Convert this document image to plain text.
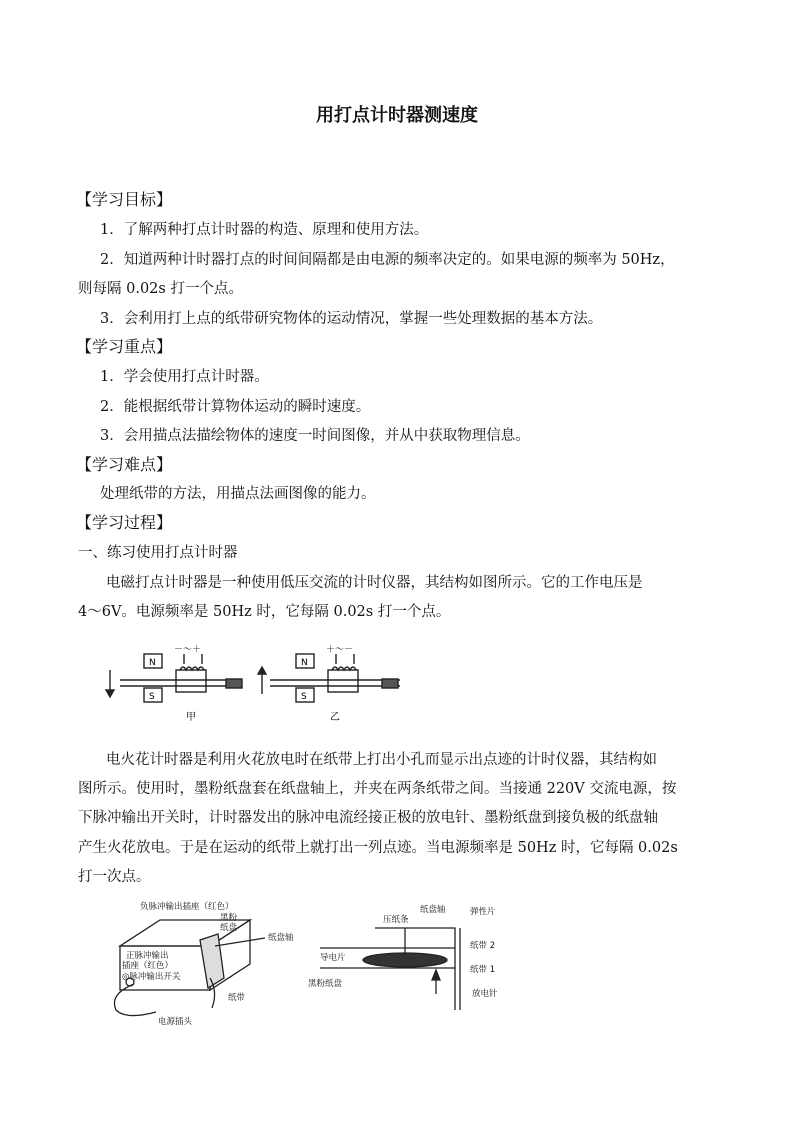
用打点计时器测速度
【学习目标】
1．了解两种打点计时器的构造、原理和使用方法。
2．知道两种计时器打点的时间间隔都是由电源的频率决定的。如果电源的频率为 50Hz，
则每隔 0.02s 打一个点。
3．会利用打上点的纸带研究物体的运动情况，掌握一些处理数据的基本方法。
【学习重点】
1．学会使用打点计时器。
2．能根据纸带计算物体运动的瞬时速度。
3．会用描点法描绘物体的速度一时间图像，并从中获取物理信息。
【学习难点】
处理纸带的方法，用描点法画图像的能力。
【学习过程】
一、练习使用打点计时器
电磁打点计时器是一种使用低压交流的计时仪器，其结构如图所示。它的工作电压是
4～6V。电源频率是 50Hz 时，它每隔 0.02s 打一个点。
N
S
－～＋
N
S
＋～－
甲	乙
电火花计时器是利用火花放电时在纸带上打出小孔而显示出点迹的计时仪器，其结构如
图所示。使用时，墨粉纸盘套在纸盘轴上，并夹在两条纸带之间。当接通 220V 交流电源，按
下脉冲输出开关时，计时器发出的脉冲电流经接正极的放电针、墨粉纸盘到接负极的纸盘轴
产生火花放电。于是在运动的纸带上就打出一列点迹。当电源频率是 50Hz 时，它每隔 0.02s
打一次点。
负脉冲输出插座（红色）
黑粉
纸盘
纸盘轴
正脉冲输出
插座（红色）
◎脉冲输出开关
纸带
电源插头
压纸条
纸盘轴	弹性片
导电片
纸带 2
纸带 1
黑粉纸盘
放电针
